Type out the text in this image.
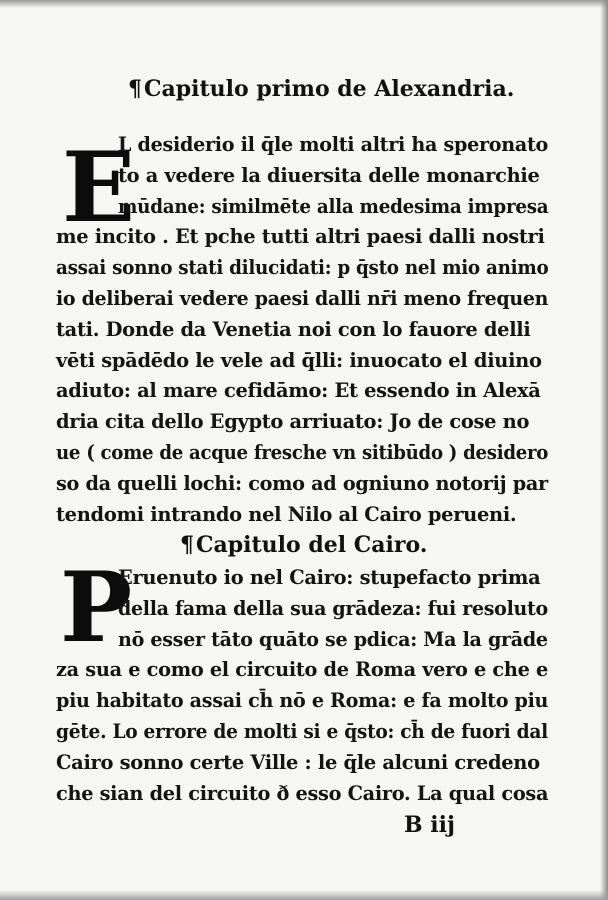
¶Capitulo primo de Alexandria.
E
L desiderio il q̄le molti altri ha speronato
to a vedere la diuersita delle monarchie
mūdane: similmēte alla medesima impresa
me incito . Et pche tutti altri paesi dalli nostri
assai sonno stati dilucidati: p q̄sto nel mio animo
io deliberai vedere paesi dalli nr̄i meno frequen
tati. Donde da Venetia noi con lo fauore delli
vēti spādēdo le vele ad q̄lli: inuocato el diuino
adiuto: al mare cefidāmo: Et essendo in Alexā
dria cita dello Egypto arriuato: Jo de cose no
ue ( come de acque fresche vn sitibūdo ) desidero
so da quelli lochi: como ad ogniuno notorij par
tendomi intrando nel Nilo al Cairo perueni.
¶Capitulo del Cairo.
P
Eruenuto io nel Cairo: stupefacto prima
della fama della sua grādeza: fui resoluto
nō esser tāto quāto se pdica: Ma la grāde
za sua e como el circuito de Roma vero e che e
piu habitato assai ch̄ nō e Roma: e fa molto piu
gēte. Lo errore de molti si e q̄sto: ch̄ de fuori dal
Cairo sonno certe Ville : le q̄le alcuni credeno
che sian del circuito ð esso Cairo. La qual cosa
B iij
